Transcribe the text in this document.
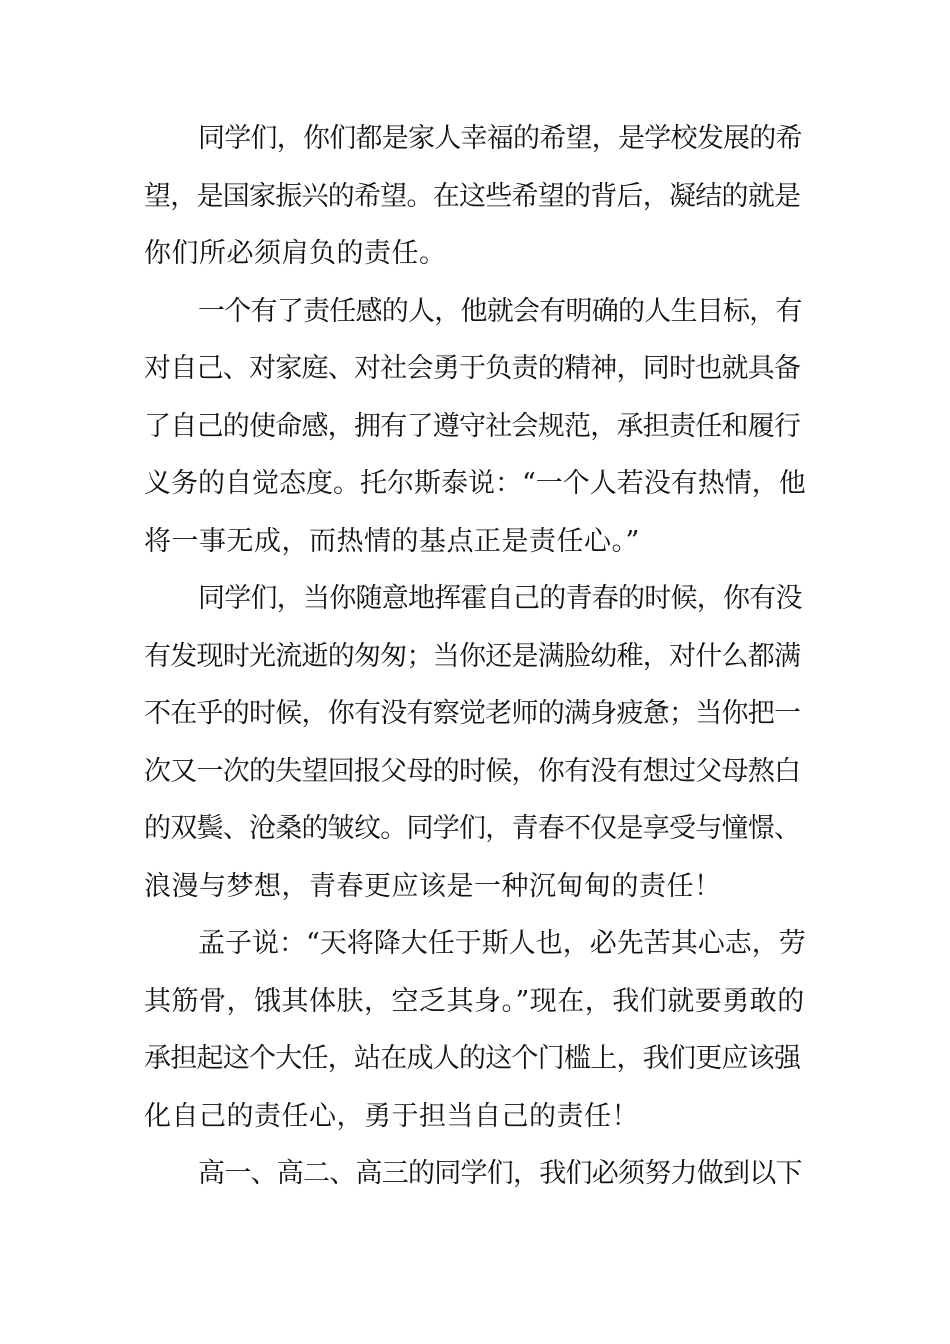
同学们，你们都是家人幸福的希望，是学校发展的希
望，是国家振兴的希望。在这些希望的背后，凝结的就是
你们所必须肩负的责任。
一个有了责任感的人，他就会有明确的人生目标，有
对自己、对家庭、对社会勇于负责的精神，同时也就具备
了自己的使命感，拥有了遵守社会规范，承担责任和履行
义务的自觉态度。托尔斯泰说：“一个人若没有热情，他
将一事无成，而热情的基点正是责任心。”
同学们，当你随意地挥霍自己的青春的时候，你有没
有发现时光流逝的匆匆；当你还是满脸幼稚，对什么都满
不在乎的时候，你有没有察觉老师的满身疲惫；当你把一
次又一次的失望回报父母的时候，你有没有想过父母熬白
的双鬓、沧桑的皱纹。同学们，青春不仅是享受与憧憬、
浪漫与梦想，青春更应该是一种沉甸甸的责任！
孟子说：“天将降大任于斯人也，必先苦其心志，劳
其筋骨，饿其体肤，空乏其身。”现在，我们就要勇敢的
承担起这个大任，站在成人的这个门槛上，我们更应该强
化自己的责任心，勇于担当自己的责任！
高一、高二、高三的同学们，我们必须努力做到以下
